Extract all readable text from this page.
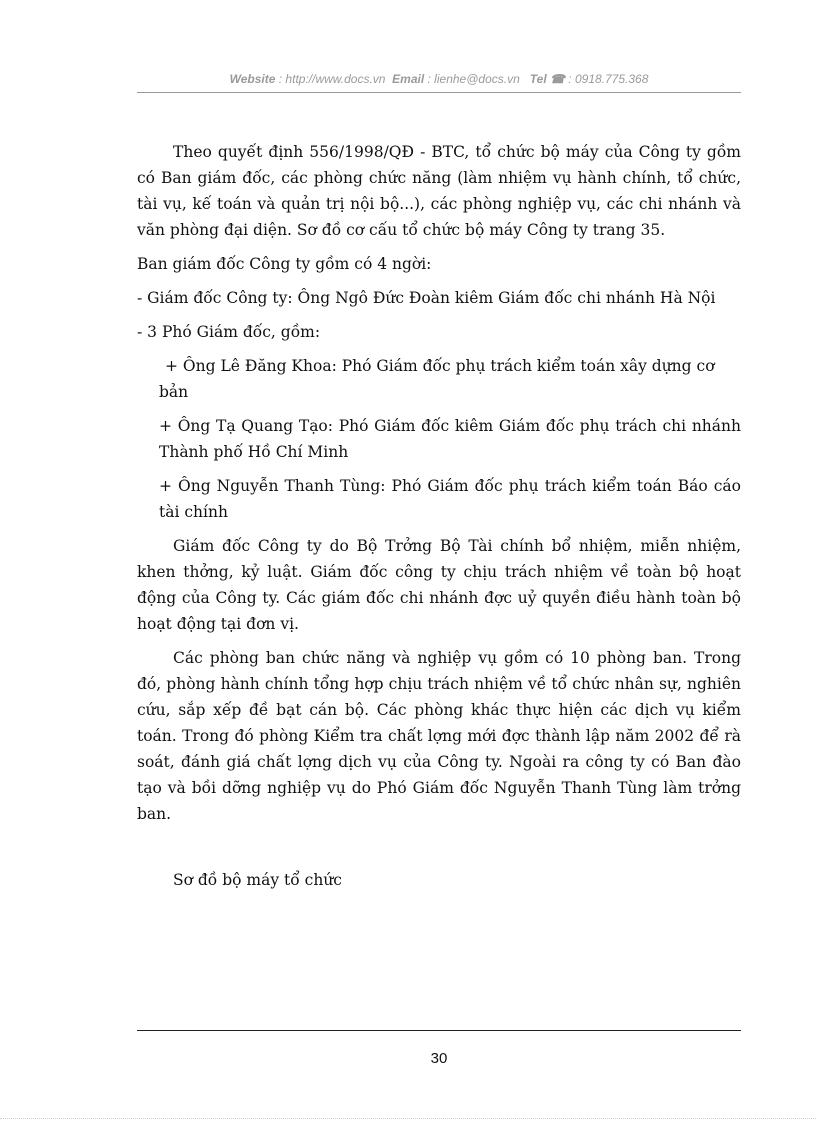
Website : http://www.docs.vn Email : lienhe@docs.vn Tel ☎ : 0918.775.368

Theo quyết định 556/1998/QĐ - BTC, tổ chức bộ máy của Công ty gồm có Ban giám đốc, các phòng chức năng (làm nhiệm vụ hành chính, tổ chức, tài vụ, kế toán và quản trị nội bộ...), các phòng nghiệp vụ, các chi nhánh và văn phòng đại diện. Sơ đồ cơ cấu tổ chức bộ máy Công ty trang 35.

Ban giám đốc Công ty gồm có 4 ngời:

- Giám đốc Công ty: Ông Ngô Đức Đoàn kiêm Giám đốc chi nhánh Hà Nội

- 3 Phó Giám đốc, gồm:

+ Ông Lê Đăng Khoa: Phó Giám đốc phụ trách kiểm toán xây dựng cơ bản

+ Ông Tạ Quang Tạo: Phó Giám đốc kiêm Giám đốc phụ trách chi nhánh Thành phố Hồ Chí Minh

+ Ông Nguyễn Thanh Tùng: Phó Giám đốc phụ trách kiểm toán Báo cáo tài chính

Giám đốc Công ty do Bộ Trởng Bộ Tài chính bổ nhiệm, miễn nhiệm, khen thởng, kỷ luật. Giám đốc công ty chịu trách nhiệm về toàn bộ hoạt động của Công ty. Các giám đốc chi nhánh đợc uỷ quyền điều hành toàn bộ hoạt động tại đơn vị.

Các phòng ban chức năng và nghiệp vụ gồm có 10 phòng ban. Trong đó, phòng hành chính tổng hợp chịu trách nhiệm về tổ chức nhân sự, nghiên cứu, sắp xếp đề bạt cán bộ. Các phòng khác thực hiện các dịch vụ kiểm toán. Trong đó phòng Kiểm tra chất lợng mới đợc thành lập năm 2002 để rà soát, đánh giá chất lợng dịch vụ của Công ty. Ngoài ra công ty có Ban đào tạo và bồi dỡng nghiệp vụ do Phó Giám đốc Nguyễn Thanh Tùng làm trởng ban.

Sơ đồ bộ máy tổ chức

30
